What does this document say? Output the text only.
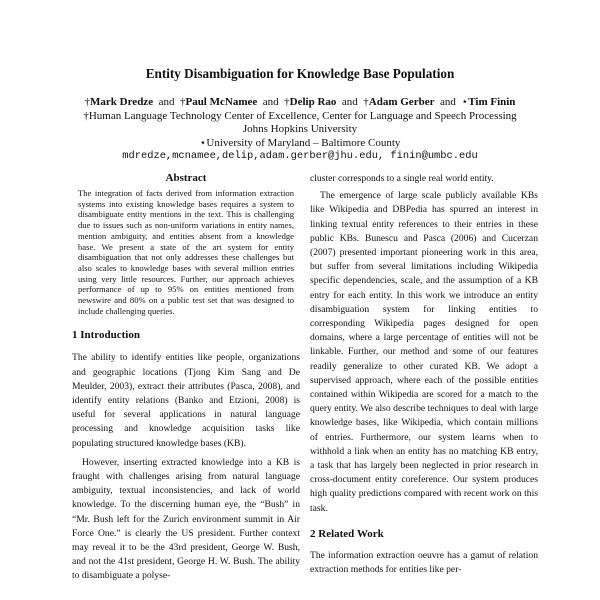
Entity Disambiguation for Knowledge Base Population
†Mark Dredze and †Paul McNamee and †Delip Rao and †Adam Gerber and ⋆Tim Finin
†Human Language Technology Center of Excellence, Center for Language and Speech Processing
Johns Hopkins University
⋆University of Maryland – Baltimore County
mdredze,mcnamee,delip,adam.gerber@jhu.edu, finin@umbc.edu
Abstract

The integration of facts derived from information extraction systems into existing knowledge bases requires a system to disambiguate entity mentions in the text. This is challenging due to issues such as non-uniform variations in entity names, mention ambiguity, and entities absent from a knowledge base. We present a state of the art system for entity disambiguation that not only addresses these challenges but also scales to knowledge bases with several million entries using very little resources. Further, our approach achieves performance of up to 95% on entities mentioned from newswire and 80% on a public test set that was designed to include challenging queries.

1 Introduction

The ability to identify entities like people, organizations and geographic locations (Tjong Kim Sang and De Meulder, 2003), extract their attributes (Pasca, 2008), and identify entity relations (Banko and Etzioni, 2008) is useful for several applications in natural language processing and knowledge acquisition tasks like populating structured knowledge bases (KB).

However, inserting extracted knowledge into a KB is fraught with challenges arising from natural language ambiguity, textual inconsistencies, and lack of world knowledge. To the discerning human eye, the “Bush” in “Mr. Bush left for the Zurich environment summit in Air Force One.” is clearly the US president. Further context may reveal it to be the 43rd president, George W. Bush, and not the 41st president, George H. W. Bush. The ability to disambiguate a polyse-

cluster corresponds to a single real world entity.

The emergence of large scale publicly available KBs like Wikipedia and DBPedia has spurred an interest in linking textual entity references to their entries in these public KBs. Bunescu and Pasca (2006) and Cucerzan (2007) presented important pioneering work in this area, but suffer from several limitations including Wikipedia specific dependencies, scale, and the assumption of a KB entry for each entity. In this work we introduce an entity disambiguation system for linking entities to corresponding Wikipedia pages designed for open domains, where a large percentage of entities will not be linkable. Further, our method and some of our features readily generalize to other curated KB. We adopt a supervised approach, where each of the possible entities contained within Wikipedia are scored for a match to the query entity. We also describe techniques to deal with large knowledge bases, like Wikipedia, which contain millions of entries. Furthermore, our system learns when to withhold a link when an entity has no matching KB entry, a task that has largely been neglected in prior research in cross-document entity coreference. Our system produces high quality predictions compared with recent work on this task.

2 Related Work

The information extraction oeuvre has a gamut of relation extraction methods for entities like per-
